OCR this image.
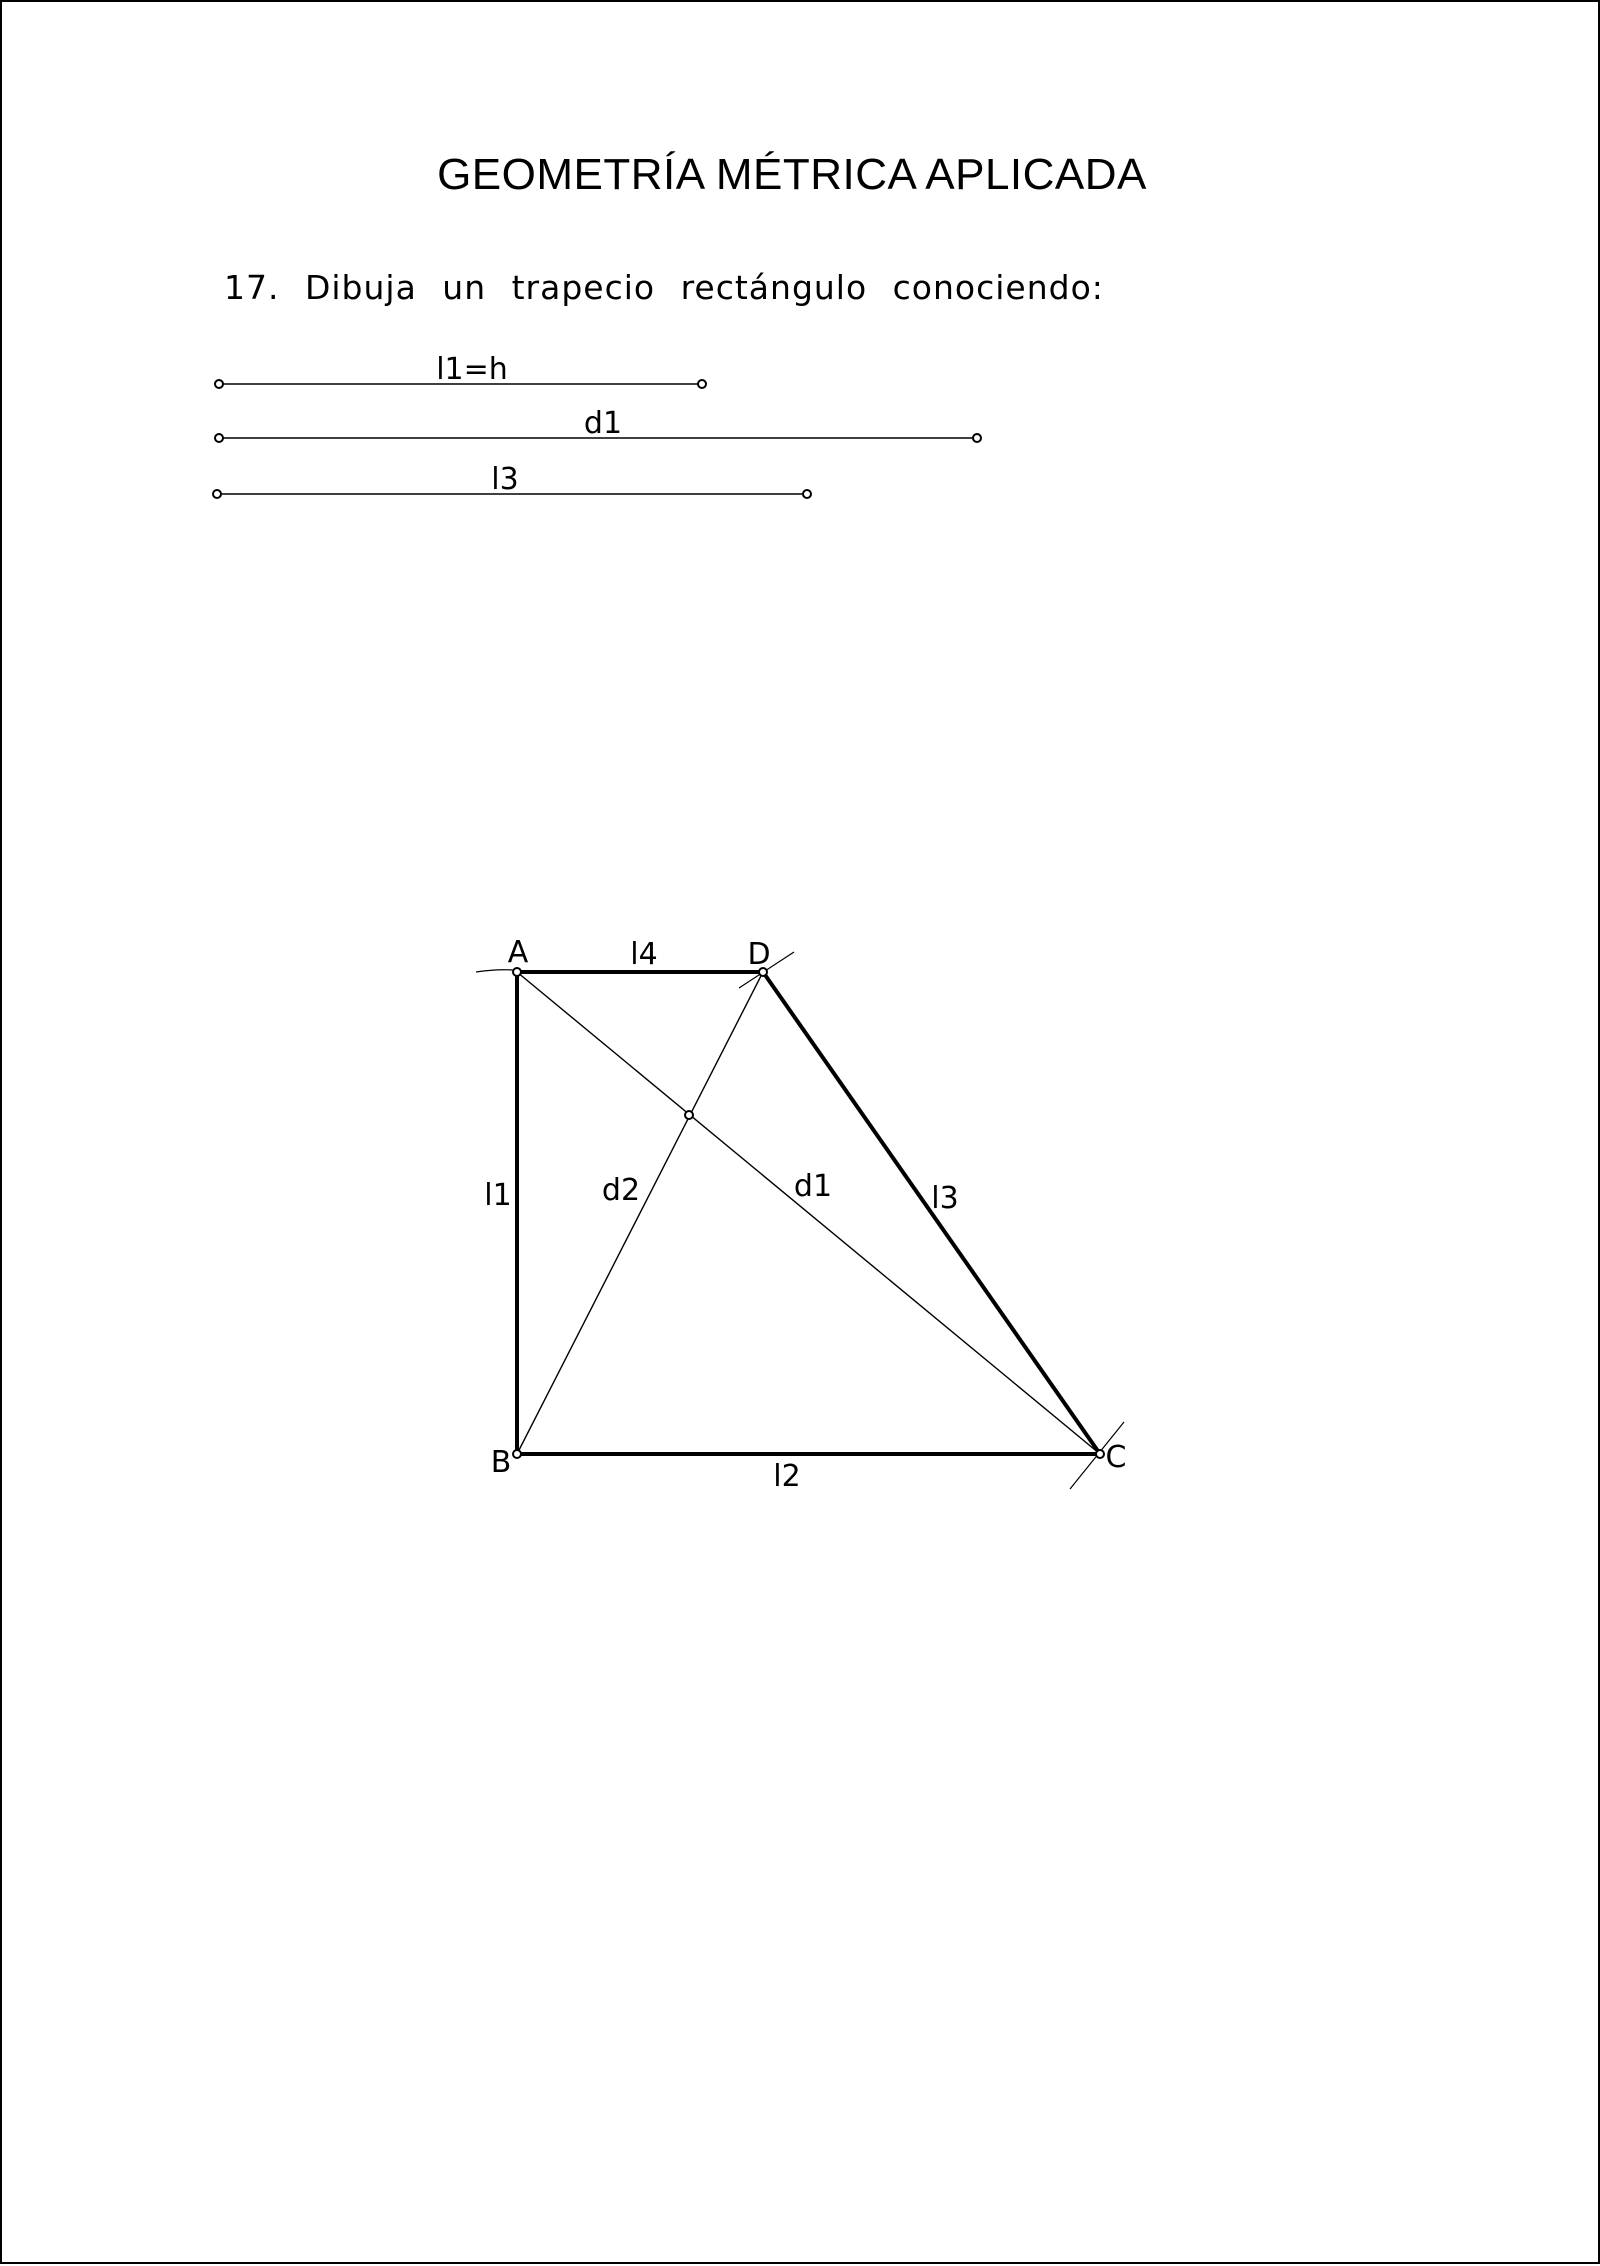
GEOMETRÍA MÉTRICA APLICADA
17. Dibuja un trapecio rectángulo conociendo:
l1=h
d1
l3
A	D
B	C
l4
l1	l3
l2
d2	d1
